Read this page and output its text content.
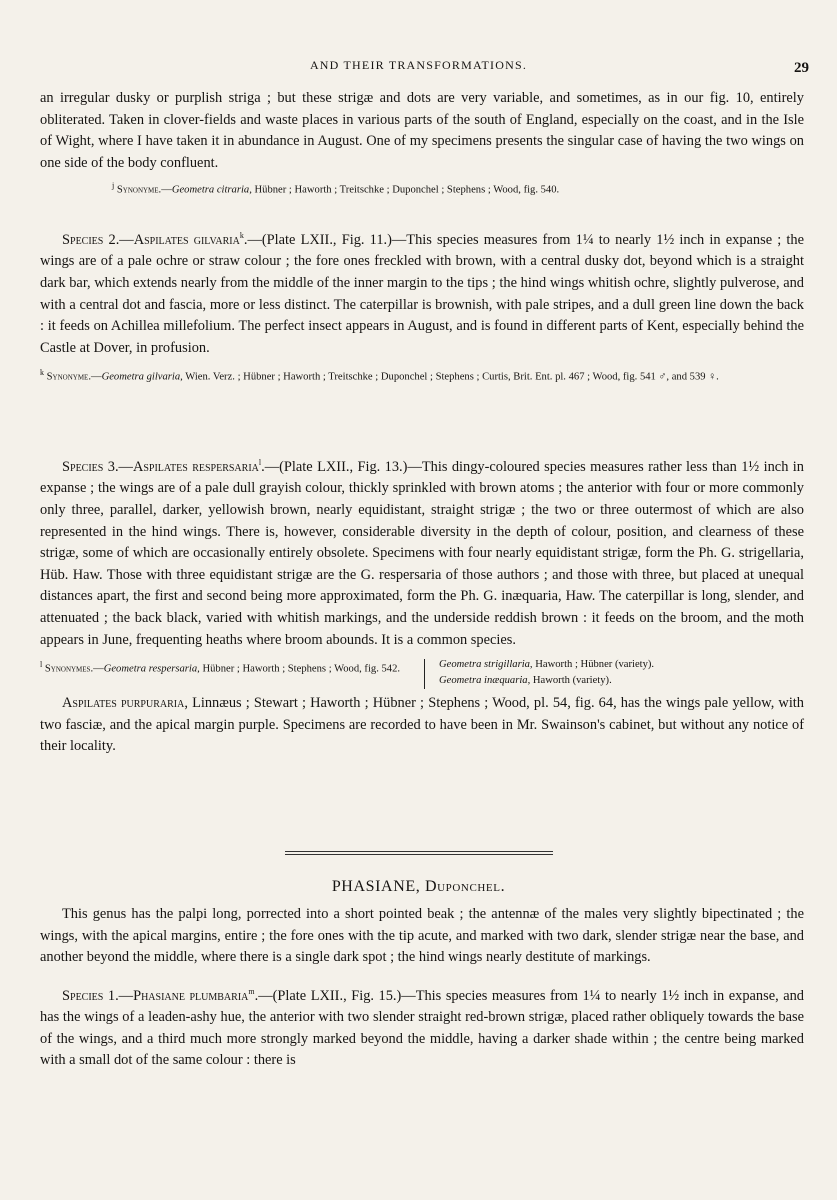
AND THEIR TRANSFORMATIONS.	29

an irregular dusky or purplish striga ; but these strigæ and dots are very variable, and sometimes, as in our fig. 10, entirely obliterated. Taken in clover-fields and waste places in various parts of the south of England, especially on the coast, and in the Isle of Wight, where I have taken it in abundance in August. One of my specimens presents the singular case of having the two wings on one side of the body confluent.

$^j$ Synonyme.—Geometra citraria, Hübner ; Haworth ; Treitschke ; Duponchel ; Stephens ; Wood, fig. 540.

Species 2.—Aspilates gilvaria$^k$.—(Plate LXII., Fig. 11.)—This species measures from 1¼ to nearly 1½ inch in expanse ; the wings are of a pale ochre or straw colour ; the fore ones freckled with brown, with a central dusky dot, beyond which is a straight dark bar, which extends nearly from the middle of the inner margin to the tips ; the hind wings whitish ochre, slightly pulverose, and with a central dot and fascia, more or less distinct. The caterpillar is brownish, with pale stripes, and a dull green line down the back : it feeds on Achillea millefolium. The perfect insect appears in August, and is found in different parts of Kent, especially behind the Castle at Dover, in profusion.

$^k$ Synonyme.—Geometra gilvaria, Wien. Verz. ; Hübner ; Haworth ; Treitschke ; Duponchel ; Stephens ; Curtis, Brit. Ent. pl. 467 ; Wood, fig. 541 ♂, and 539 ♀.

Species 3.—Aspilates respersaria$^l$.—(Plate LXII., Fig. 13.)—This dingy-coloured species measures rather less than 1½ inch in expanse ; the wings are of a pale dull grayish colour, thickly sprinkled with brown atoms ; the anterior with four or more commonly only three, parallel, darker, yellowish brown, nearly equidistant, straight strigæ ; the two or three outermost of which are also represented in the hind wings. There is, however, considerable diversity in the depth of colour, position, and clearness of these strigæ, some of which are occasionally entirely obsolete. Specimens with four nearly equidistant strigæ, form the Ph. G. strigellaria, Hüb. Haw. Those with three equidistant strigæ are the G. respersaria of those authors ; and those with three, but placed at unequal distances apart, the first and second being more approximated, form the Ph. G. inæquaria, Haw. The caterpillar is long, slender, and attenuated ; the back black, varied with whitish markings, and the underside reddish brown : it feeds on the broom, and the moth appears in June, frequenting heaths where broom abounds. It is a common species.

$^l$ Synonymes.—Geometra respersaria, Hübner ; Haworth ; Stephens ; Wood, fig. 542.	Geometra strigillaria, Haworth ; Hübner (variety).
Geometra inæquaria, Haworth (variety).

Aspilates purpuraria, Linnæus ; Stewart ; Haworth ; Hübner ; Stephens ; Wood, pl. 54, fig. 64, has the wings pale yellow, with two fasciæ, and the apical margin purple. Specimens are recorded to have been in Mr. Swainson's cabinet, but without any notice of their locality.

PHASIANE, Duponchel.

This genus has the palpi long, porrected into a short pointed beak ; the antennæ of the males very slightly bipectinated ; the wings, with the apical margins, entire ; the fore ones with the tip acute, and marked with two dark, slender strigæ near the base, and another beyond the middle, where there is a single dark spot ; the hind wings nearly destitute of markings.

Species 1.—Phasiane plumbaria$^m$.—(Plate LXII., Fig. 15.)—This species measures from 1¼ to nearly 1½ inch in expanse, and has the wings of a leaden-ashy hue, the anterior with two slender straight red-brown strigæ, placed rather obliquely towards the base of the wings, and a third much more strongly marked beyond the middle, having a darker shade within ; the centre being marked with a small dot of the same colour : there is
